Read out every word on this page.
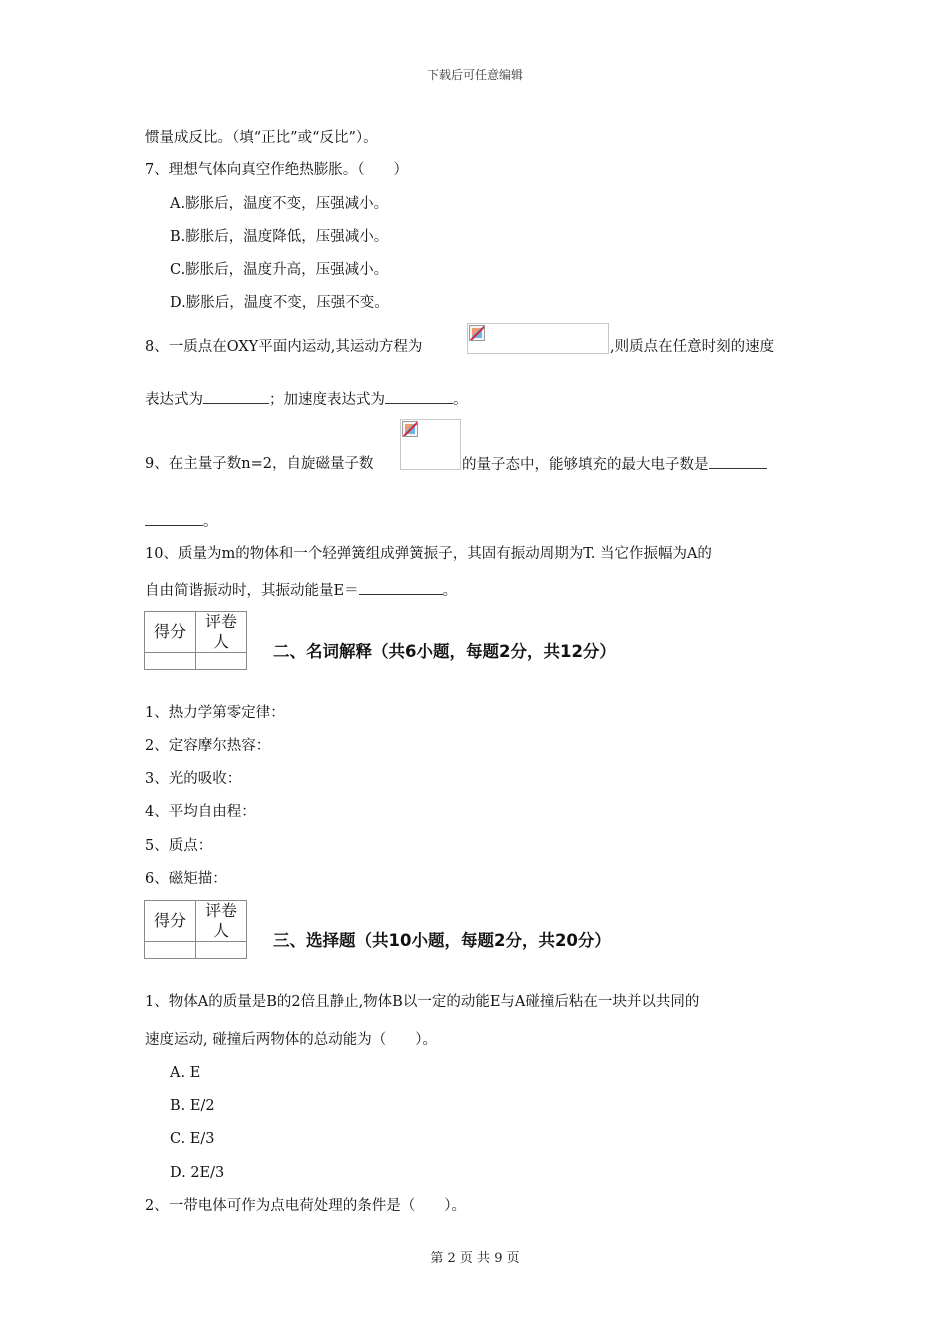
下载后可任意编辑
惯量成反比。（填“正比”或“反比”）。
7、理想气体向真空作绝热膨胀。（　　）
A.膨胀后，温度不变，压强减小。
B.膨胀后，温度降低，压强减小。
C.膨胀后，温度升高，压强减小。
D.膨胀后，温度不变，压强不变。
8、一质点在OXY平面内运动,其运动方程为	,则质点在任意时刻的速度
表达式为	；加速度表达式为	。
9、在主量子数n=2，自旋磁量子数	的量子态中，能够填充的最大电子数是
。
10、质量为m的物体和一个轻弹簧组成弹簧振子，其固有振动周期为T. 当它作振幅为A的
自由简谐振动时，其振动能量E＝	。
得分	评卷人

二、名词解释（共6小题，每题2分，共12分）
1、热力学第零定律：
2、定容摩尔热容：
3、光的吸收：
4、平均自由程：
5、质点：
6、磁矩描：
得分	评卷人

三、选择题（共10小题，每题2分，共20分）
1、物体A的质量是B的2倍且静止,物体B以一定的动能E与A碰撞后粘在一块并以共同的
速度运动, 碰撞后两物体的总动能为（　　）。
A. E
B. E/2
C. E/3
D. 2E/3
2、一带电体可作为点电荷处理的条件是（　　）。
第 2 页 共 9 页
